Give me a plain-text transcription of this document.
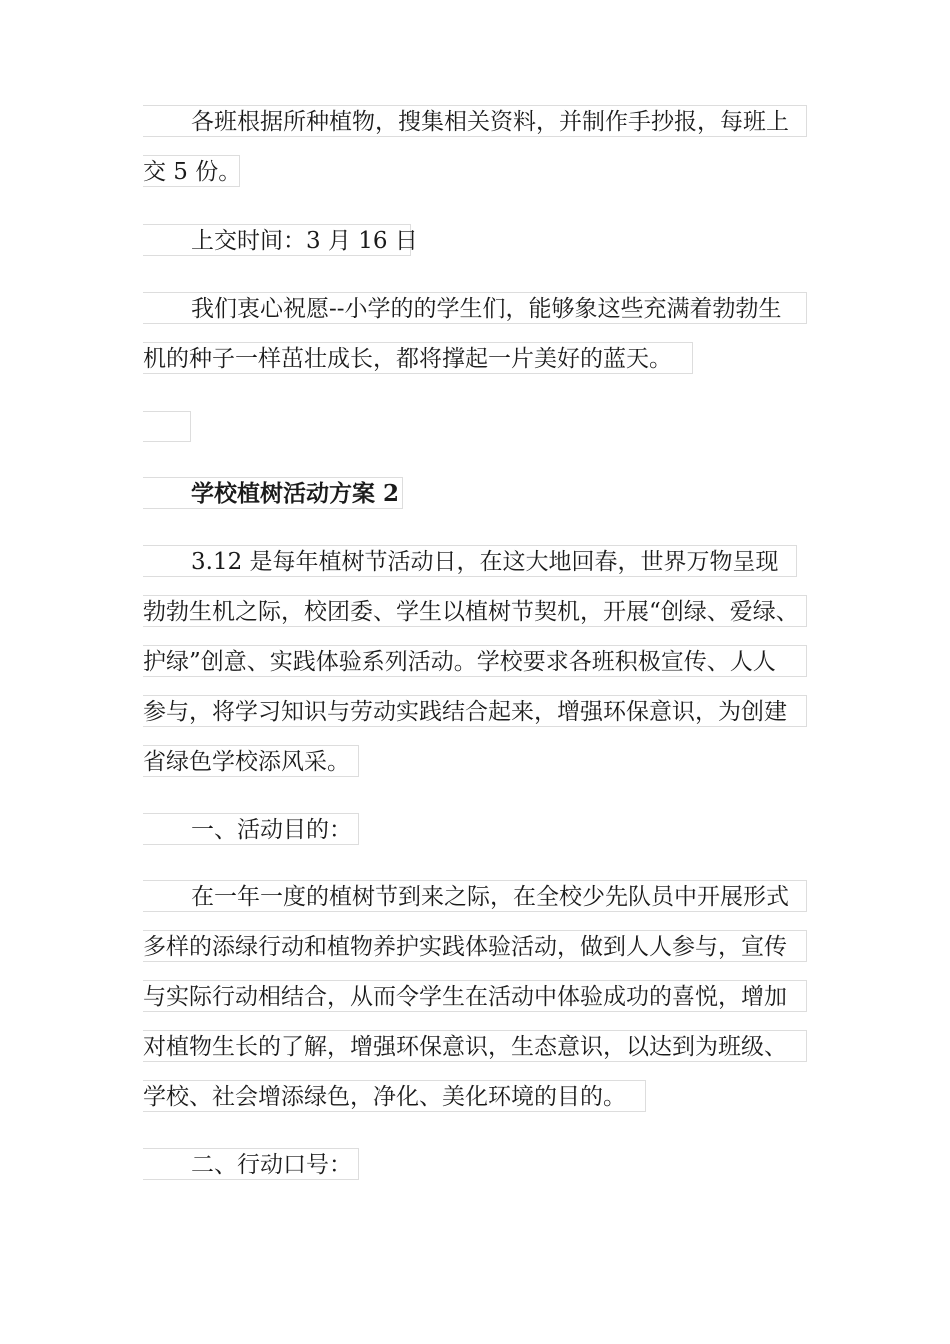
各班根据所种植物，搜集相关资料，并制作手抄报，每班上
交 5 份。
上交时间：3 月 16 日
我们衷心祝愿--小学的的学生们，能够象这些充满着勃勃生
机的种子一样茁壮成长，都将撑起一片美好的蓝天。
学校植树活动方案 2
3.12 是每年植树节活动日，在这大地回春，世界万物呈现
勃勃生机之际，校团委、学生以植树节契机，开展“创绿、爱绿、
护绿”创意、实践体验系列活动。学校要求各班积极宣传、人人
参与，将学习知识与劳动实践结合起来，增强环保意识，为创建
省绿色学校添风采。
一、活动目的：
在一年一度的植树节到来之际，在全校少先队员中开展形式
多样的添绿行动和植物养护实践体验活动，做到人人参与，宣传
与实际行动相结合，从而令学生在活动中体验成功的喜悦，增加
对植物生长的了解，增强环保意识，生态意识，以达到为班级、
学校、社会增添绿色，净化、美化环境的目的。
二、行动口号：
